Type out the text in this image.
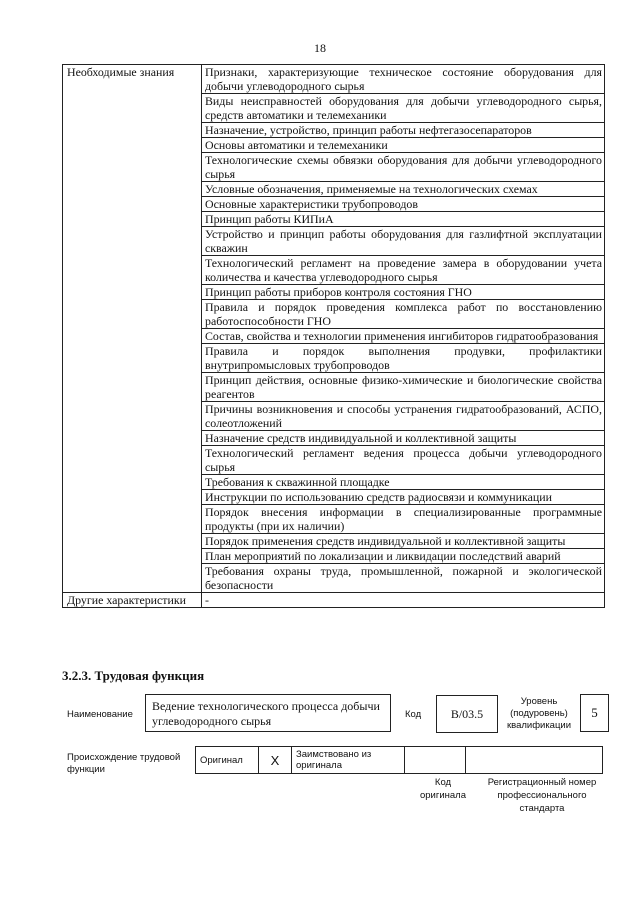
18
Необходимые знания	Признаки, характеризующие техническое состояние оборудования для добычи углеводородного сырья
	Виды неисправностей оборудования для добычи углеводородного сырья, средств автоматики и телемеханики
	Назначение, устройство, принцип работы нефтегазосепараторов
	Основы автоматики и телемеханики
	Технологические схемы обвязки оборудования для добычи углеводородного сырья
	Условные обозначения, применяемые на технологических схемах
	Основные характеристики трубопроводов
	Принцип работы КИПиА
	Устройство и принцип работы оборудования для газлифтной эксплуатации скважин
	Технологический регламент на проведение замера в оборудовании учета количества и качества углеводородного сырья
	Принцип работы приборов контроля состояния ГНО
	Правила и порядок проведения комплекса работ по восстановлению работоспособности ГНО
	Состав, свойства и технологии применения ингибиторов гидратообразования
	Правила и порядок выполнения продувки, профилактики внутрипромысловых трубопроводов
	Принцип действия, основные физико-химические и биологические свойства реагентов
	Причины возникновения и способы устранения гидратообразований, АСПО, солеотложений
	Назначение средств индивидуальной и коллективной защиты
	Технологический регламент ведения процесса добычи углеводородного сырья
	Требования к скважинной площадке
	Инструкции по использованию средств радиосвязи и коммуникации
	Порядок внесения информации в специализированные программные продукты (при их наличии)
	Порядок применения средств индивидуальной и коллективной защиты
	План мероприятий по локализации и ликвидации последствий аварий
	Требования охраны труда, промышленной, пожарной и экологической безопасности
Другие характеристики	-
3.2.3. Трудовая функция
Наименование
Ведение технологического процесса добычи углеводородного сырья	Код	B/03.5
Уровень (подуровень) квалификации
5
Происхождение трудовой функции
Оригинал	X	Заимствовано из оригинала		
Код оригинала
Регистрационный номер профессионального стандарта
